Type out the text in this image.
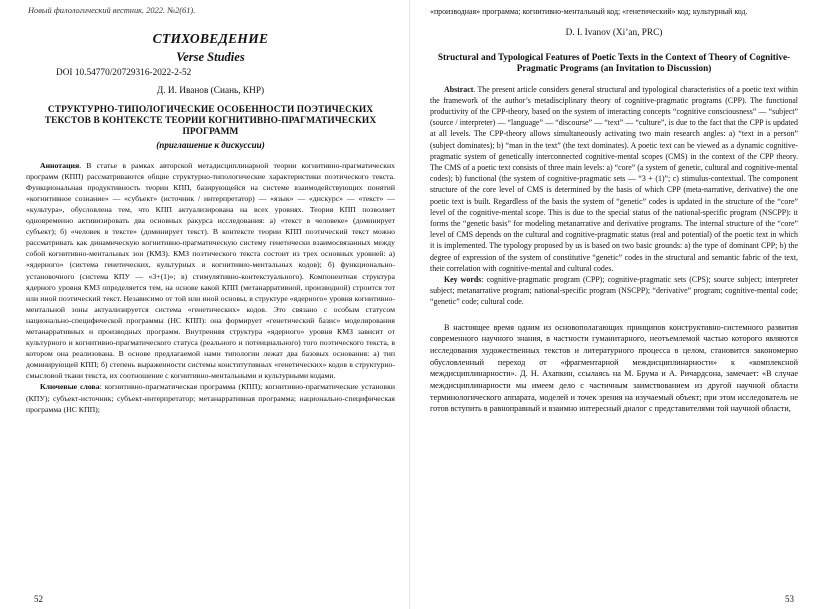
Новый филологический вестник. 2022. №2(61).
СТИХОВЕДЕНИЕ
Verse Studies
DOI 10.54770/20729316-2022-2-52
Д. И. Иванов (Сиань, КНР)
СТРУКТУРНО-ТИПОЛОГИЧЕСКИЕ ОСОБЕННОСТИ ПОЭТИЧЕСКИХ ТЕКСТОВ В КОНТЕКСТЕ ТЕОРИИ КОГНИТИВНО-ПРАГМАТИЧЕСКИХ ПРОГРАММ
(приглашение к дискуссии)

Аннотация. В статье в рамках авторской метадисциплинарной теории когнитивно-прагматических программ (КПП) рассматриваются общие структурно-типологические характеристики поэтического текста. Функциональная продуктивность теории КПП, базирующейся на системе взаимодействующих понятий «когнитивное сознание» — «субъект» (источник / интерпретатор) — «язык» — «дискурс» — «текст» — «культура», обусловлена тем, что КПП актуализирована на всех уровнях. Теория КПП позволяет одновременно активизировать два основных ракурса исследования: а) «текст в человеке» (доминирует субъект); б) «человек в тексте» (доминирует текст). В контексте теории КПП поэтический текст можно рассматривать как динамическую когнитивно-прагматическую систему генетически взаимосвязанных между собой когнитивно-ментальных зон (КМЗ). КМЗ поэтического текста состоит из трех основных уровней: а) «ядерного» (система генетических, культурных и когнитивно-ментальных кодов); б) функционально-установочного (система КПУ — «3+(1)»; в) стимулятивно-контекстуального). Компонентная структура ядерного уровня КМЗ определяется тем, на основе какой КПП (метанарративной, производной) строится тот или иной поэтический текст. Независимо от той или иной основы, в структуре «ядерного» уровня когнитивно-ментальной зоны актуализируется система «генетических» кодов. Это связано с особым статусом национально-специфической программы (НС КПП): она формирует «генетический базис» моделирования метанарративных и производных программ. Внутренняя структура «ядерного» уровня КМЗ зависит от культурного и когнитивно-прагматического статуса (реального и потенциального) того поэтического текста, в котором она реализована. В основе предлагаемой нами типологии лежат два базовых основания: а) тип доминирующей КПП; б) степень выраженности системы конститутивных «генетических» кодов в структурно-смысловой ткани текста, их соотношение с когнитивно-ментальными и культурными кодами.

Ключевые слова: когнитивно-прагматическая программа (КПП); когнитивно-прагматические установки (КПУ); субъект-источник; субъект-интерпретатор; метанарративная программа; национально-специфическая программа (НС КПП);

52
«производная» программа; когнитивно-ментальный код; «генетический» код; культурный код.
D. I. Ivanov (Xi’an, PRC)
Structural and Typological Features of Poetic Texts in the Context of Theory of Cognitive-Pragmatic Programs (an Invitation to Discussion)

Abstract. The present article considers general structural and typological characteristics of a poetic text within the framework of the author’s metadisciplinary theory of cognitive-pragmatic programs (CPP). The functional productivity of the CPP-theory, based on the system of interacting concepts “cognitive consciousness” — “subject” (source / interpreter) — “language” — “discourse” — “text” — “culture”, is due to the fact that the CPP is updated at all levels. The CPP-theory allows simultaneously activating two main research angles: a) “text in a person” (subject dominates); b) “man in the text” (the text dominates). A poetic text can be viewed as a dynamic cognitive-pragmatic system of genetically interconnected cognitive-mental scopes (CMS) in the context of the CPP theory. The CMS of a poetic text consists of three main levels: a) “core” (a system of genetic, cultural and cognitive-mental codes); b) functional (the system of cognitive-pragmatic sets — “3 + (1)”; c) stimulus-contextual. The component structure of the core level of CMS is determined by the basis of which CPP (meta-narrative, derivative) the one poetic text is built. Regardless of the basis the system of “genetic” codes is updated in the structure of the “core” level of the cognitive-mental scope. This is due to the special status of the national-specific program (NSCPP): it forms the “genetic basis” for modeling metanarrative and derivative programs. The internal structure of the “core” level of CMS depends on the cultural and cognitive-pragmatic status (real and potential) of the poetic text in which it is implemented. The typology proposed by us is based on two basic grounds: a) the type of dominant CPP; b) the degree of expression of the system of constitutive “genetic” codes in the structural and semantic fabric of the text, their correlation with cognitive-mental and cultural codes.

Key words: cognitive-pragmatic program (CPP); cognitive-pragmatic sets (CPS); source subject; interpreter subject; metanarrative program; national-specific program (NSCPP); “derivative” program; cognitive-mental code; “genetic” code; cultural code.

В настоящее время одним из основополагающих принципов конструктивно-системного развития современного научного знания, в частности гуманитарного, неотъемлемой частью которого являются исследования художественных текстов и литературного процесса в целом, становится закономерно обусловленный переход от «фрагментарной междисциплинарности» к «комплексной междисциплинарности». Д. Н. Ахапкин, ссылаясь на М. Брума и А. Ричардсона, замечает: «В случае междисциплинарности мы имеем дело с частичным заимствованием из другой научной области терминологического аппарата, моделей и точек зрения на изучаемый объект; при этом исследователь не готов вступить в равноправный и взаимно интересный диалог с представителями той научной области,

53
